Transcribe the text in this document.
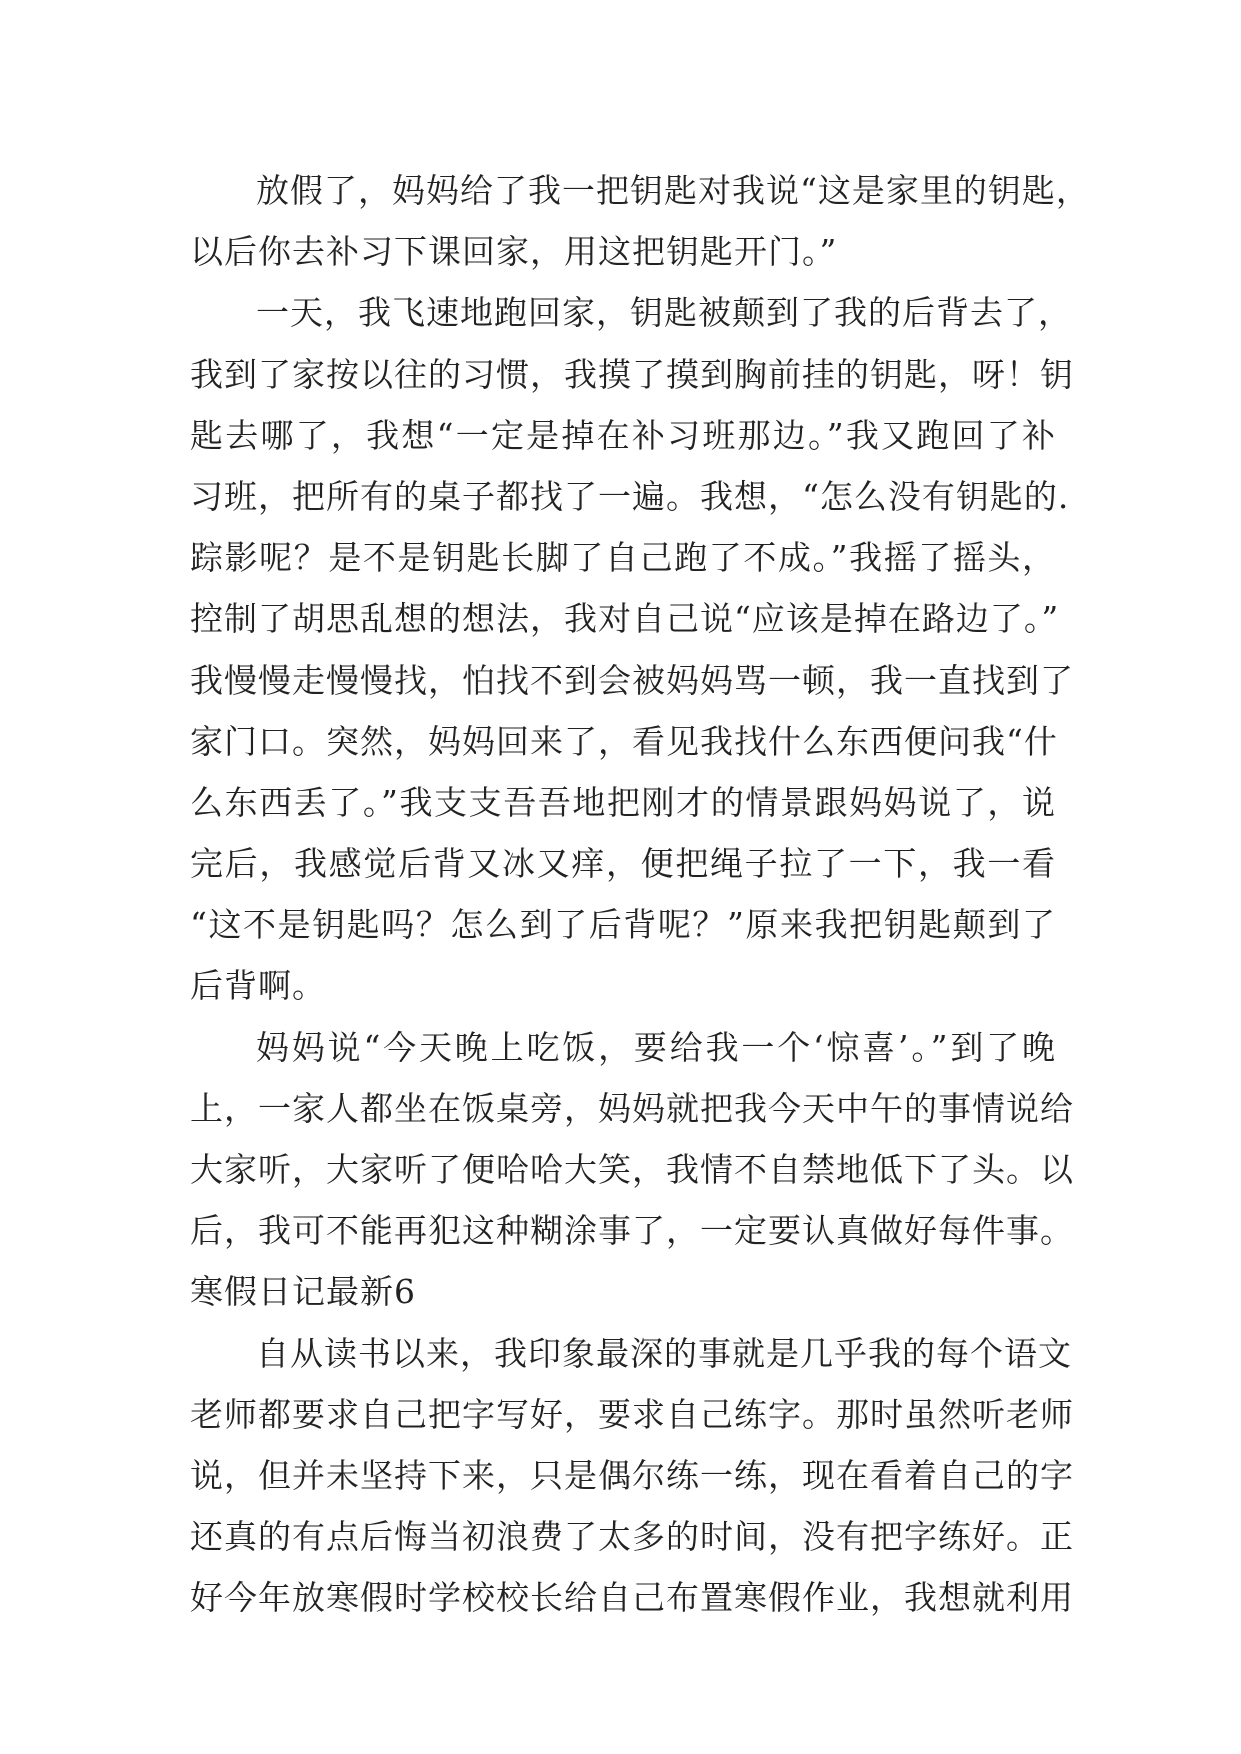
放假了，妈妈给了我一把钥匙对我说“这是家里的钥匙，
以后你去补习下课回家，用这把钥匙开门。”
一天，我飞速地跑回家，钥匙被颠到了我的后背去了，
我到了家按以往的习惯，我摸了摸到胸前挂的钥匙，呀！钥
匙去哪了，我想“一定是掉在补习班那边。”我又跑回了补
习班，把所有的桌子都找了一遍。我想，“怎么没有钥匙的.
踪影呢？是不是钥匙长脚了自己跑了不成。”我摇了摇头，
控制了胡思乱想的想法，我对自己说“应该是掉在路边了。”
我慢慢走慢慢找，怕找不到会被妈妈骂一顿，我一直找到了
家门口。突然，妈妈回来了，看见我找什么东西便问我“什
么东西丢了。”我支支吾吾地把刚才的情景跟妈妈说了，说
完后，我感觉后背又冰又痒，便把绳子拉了一下，我一看
“这不是钥匙吗？怎么到了后背呢？”原来我把钥匙颠到了
后背啊。
妈妈说“今天晚上吃饭，要给我一个‘惊喜’。”到了晚
上，一家人都坐在饭桌旁，妈妈就把我今天中午的事情说给
大家听，大家听了便哈哈大笑，我情不自禁地低下了头。以
后，我可不能再犯这种糊涂事了，一定要认真做好每件事。
寒假日记最新6
自从读书以来，我印象最深的事就是几乎我的每个语文
老师都要求自己把字写好，要求自己练字。那时虽然听老师
说，但并未坚持下来，只是偶尔练一练，现在看着自己的字
还真的有点后悔当初浪费了太多的时间，没有把字练好。正
好今年放寒假时学校校长给自己布置寒假作业，我想就利用
